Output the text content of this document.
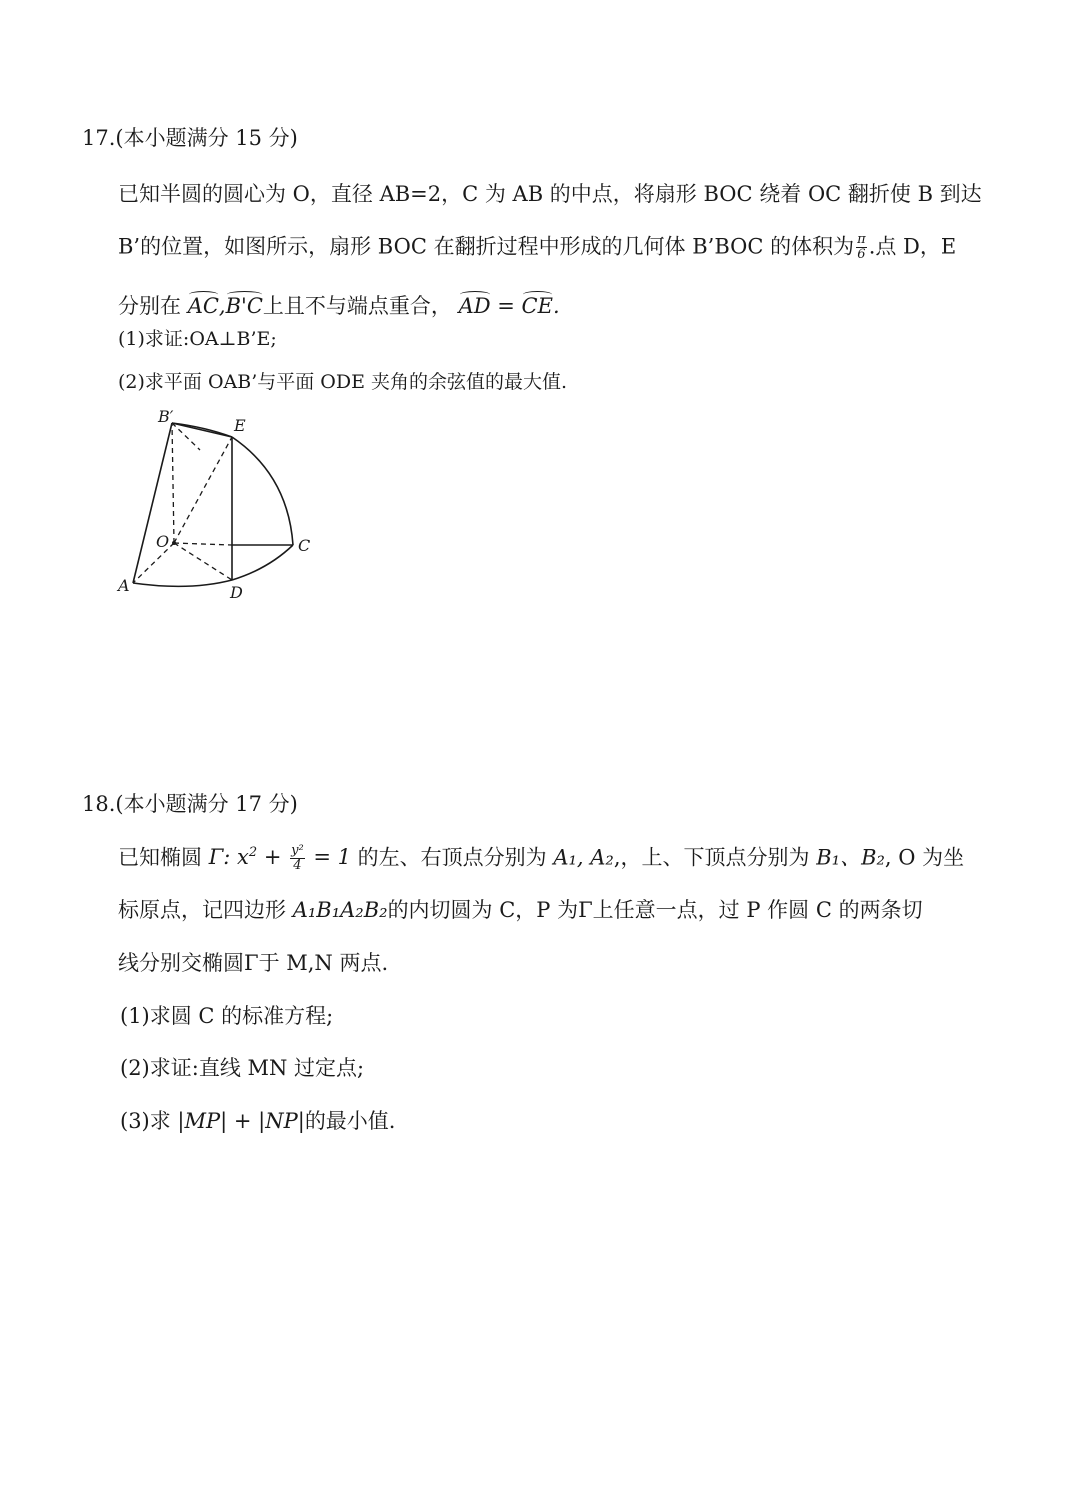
17.(本小题满分 15 分)
已知半圆的圆心为 O，直径 AB=2，C 为 AB 的中点，将扇形 BOC 绕着 OC 翻折使 B 到达
B’的位置，如图所示，扇形 BOC 在翻折过程中形成的几何体 B’BOC 的体积为 $\frac{\pi}{6}$ .点 D，E
分别在 AC,B'C上且不与端点重合， AD = CE.
(1)求证:OA⊥B’E;
(2)求平面 OAB’与平面 ODE 夹角的余弦值的最大值.
B′	E
O	C
A	D
18.(本小题满分 17 分)
已知椭圆 Γ: $x^2 + \frac{\text{y²}}{4} = 1$ 的左、右顶点分别为 A₁, A₂,，上、下顶点分别为 B₁、B₂, O 为坐
标原点，记四边形 A₁B₁A₂B₂的内切圆为 C，P 为Γ上任意一点，过 P 作圆 C 的两条切
线分别交椭圆Γ于 M,N 两点.
(1)求圆 C 的标准方程;
(2)求证:直线 MN 过定点;
(3)求 |MP| + |NP|的最小值.
